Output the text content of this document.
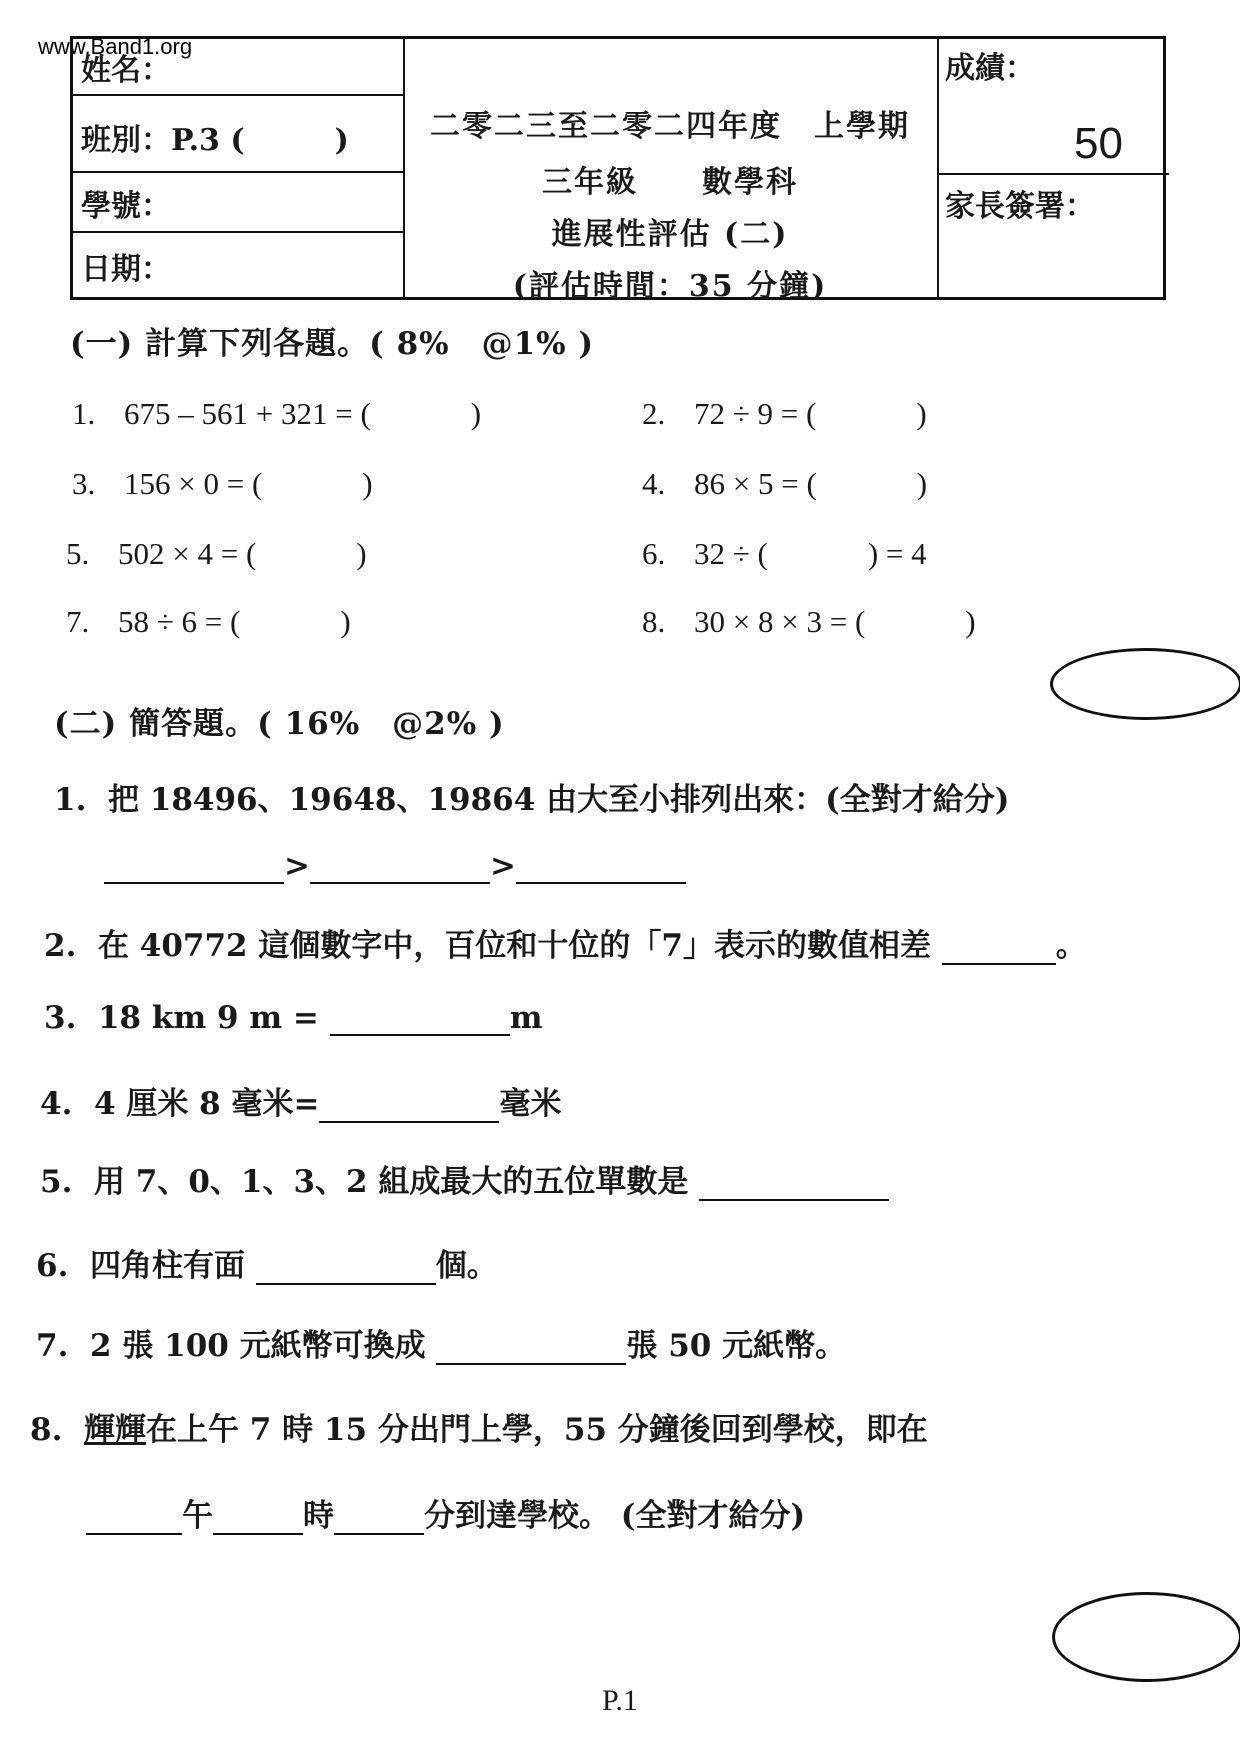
www.Band1.org
姓名：
班別：P.3 (	)
學號：
日期：
二零二三至二零二四年度　上學期
三年級　　數學科
進展性評估 (二)
(評估時間：35 分鐘)
成績：
50
家長簽署：
(一) 計算下列各題。( 8%　@1% )
1. 675 – 561 + 321 = (	)	2. 72 ÷ 9 = (	)
3. 156 × 0 = (	)	4. 86 × 5 = (	)
5. 502 × 4 = (	)	6. 32 ÷ (	) = 4
7. 58 ÷ 6 = (	)	8. 30 × 8 × 3 = (	)
(二) 簡答題。( 16%　@2% )
1. 把 18496、19648、19864 由大至小排列出來：(全對才給分)
>	>
2. 在 40772 這個數字中，百位和十位的「7」表示的數值相差	。
3. 18 km 9 m =	m
4. 4 厘米 8 毫米=	毫米
5. 用 7、0、1、3、2 組成最大的五位單數是
6. 四角柱有面	個。
7. 2 張 100 元紙幣可換成	張 50 元紙幣。
8. 輝輝在上午 7 時 15 分出門上學，55 分鐘後回到學校，即在
午	時	分到達學校。 (全對才給分)
P.1
